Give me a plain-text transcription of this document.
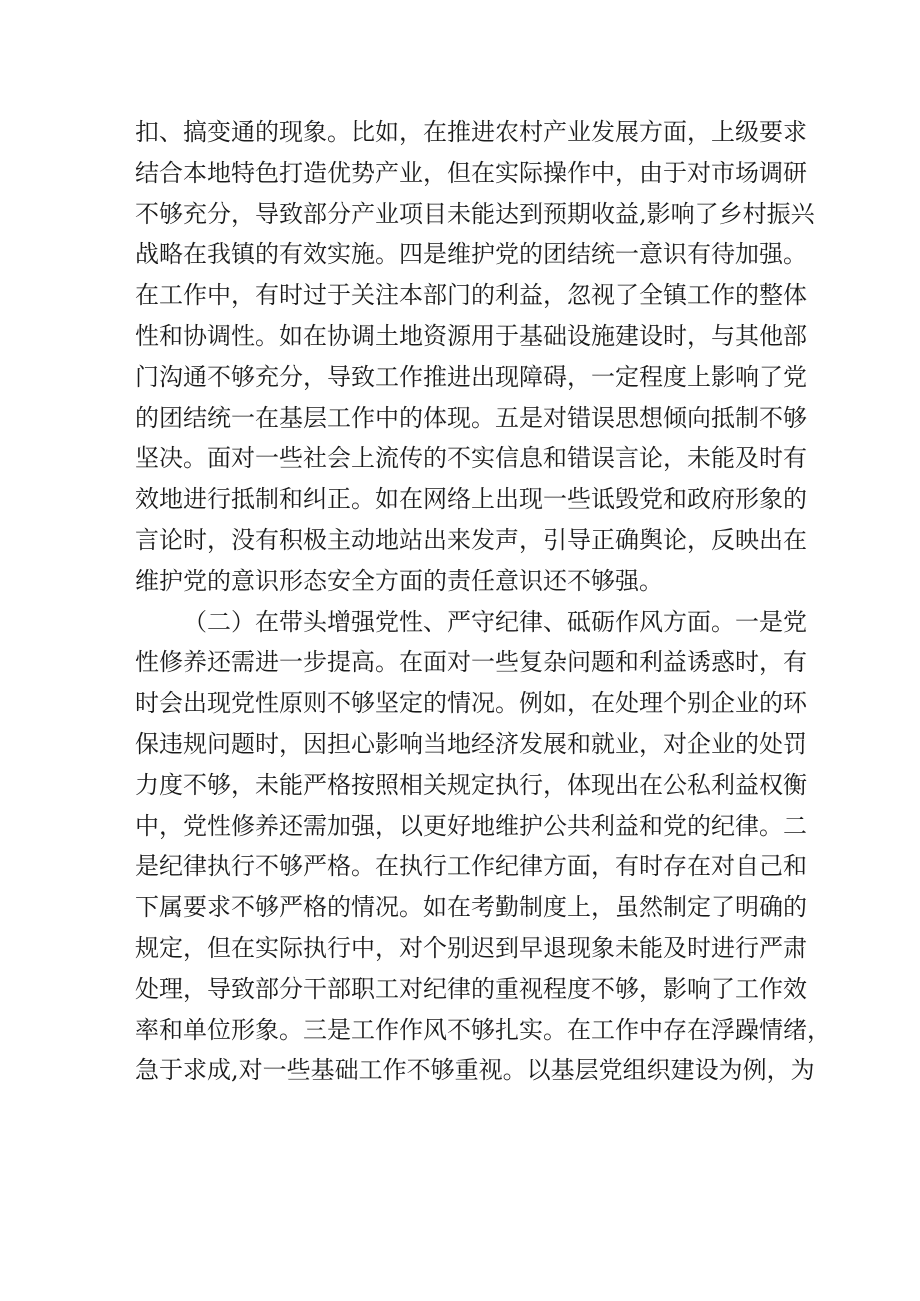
扣、搞变通的现象。比如，在推进农村产业发展方面，上级要求
结合本地特色打造优势产业，但在实际操作中，由于对市场调研
不够充分，导致部分产业项目未能达到预期收益,影响了乡村振兴
战略在我镇的有效实施。四是维护党的团结统一意识有待加强。
在工作中，有时过于关注本部门的利益，忽视了全镇工作的整体
性和协调性。如在协调土地资源用于基础设施建设时，与其他部
门沟通不够充分，导致工作推进出现障碍，一定程度上影响了党
的团结统一在基层工作中的体现。五是对错误思想倾向抵制不够
坚决。面对一些社会上流传的不实信息和错误言论，未能及时有
效地进行抵制和纠正。如在网络上出现一些诋毁党和政府形象的
言论时，没有积极主动地站出来发声，引导正确舆论，反映出在
维护党的意识形态安全方面的责任意识还不够强。
（二）在带头增强党性、严守纪律、砥砺作风方面。一是党
性修养还需进一步提高。在面对一些复杂问题和利益诱惑时，有
时会出现党性原则不够坚定的情况。例如，在处理个别企业的环
保违规问题时，因担心影响当地经济发展和就业，对企业的处罚
力度不够，未能严格按照相关规定执行，体现出在公私利益权衡
中，党性修养还需加强，以更好地维护公共利益和党的纪律。二
是纪律执行不够严格。在执行工作纪律方面，有时存在对自己和
下属要求不够严格的情况。如在考勤制度上，虽然制定了明确的
规定，但在实际执行中，对个别迟到早退现象未能及时进行严肃
处理，导致部分干部职工对纪律的重视程度不够，影响了工作效
率和单位形象。三是工作作风不够扎实。在工作中存在浮躁情绪，
急于求成,对一些基础工作不够重视。以基层党组织建设为例，为
